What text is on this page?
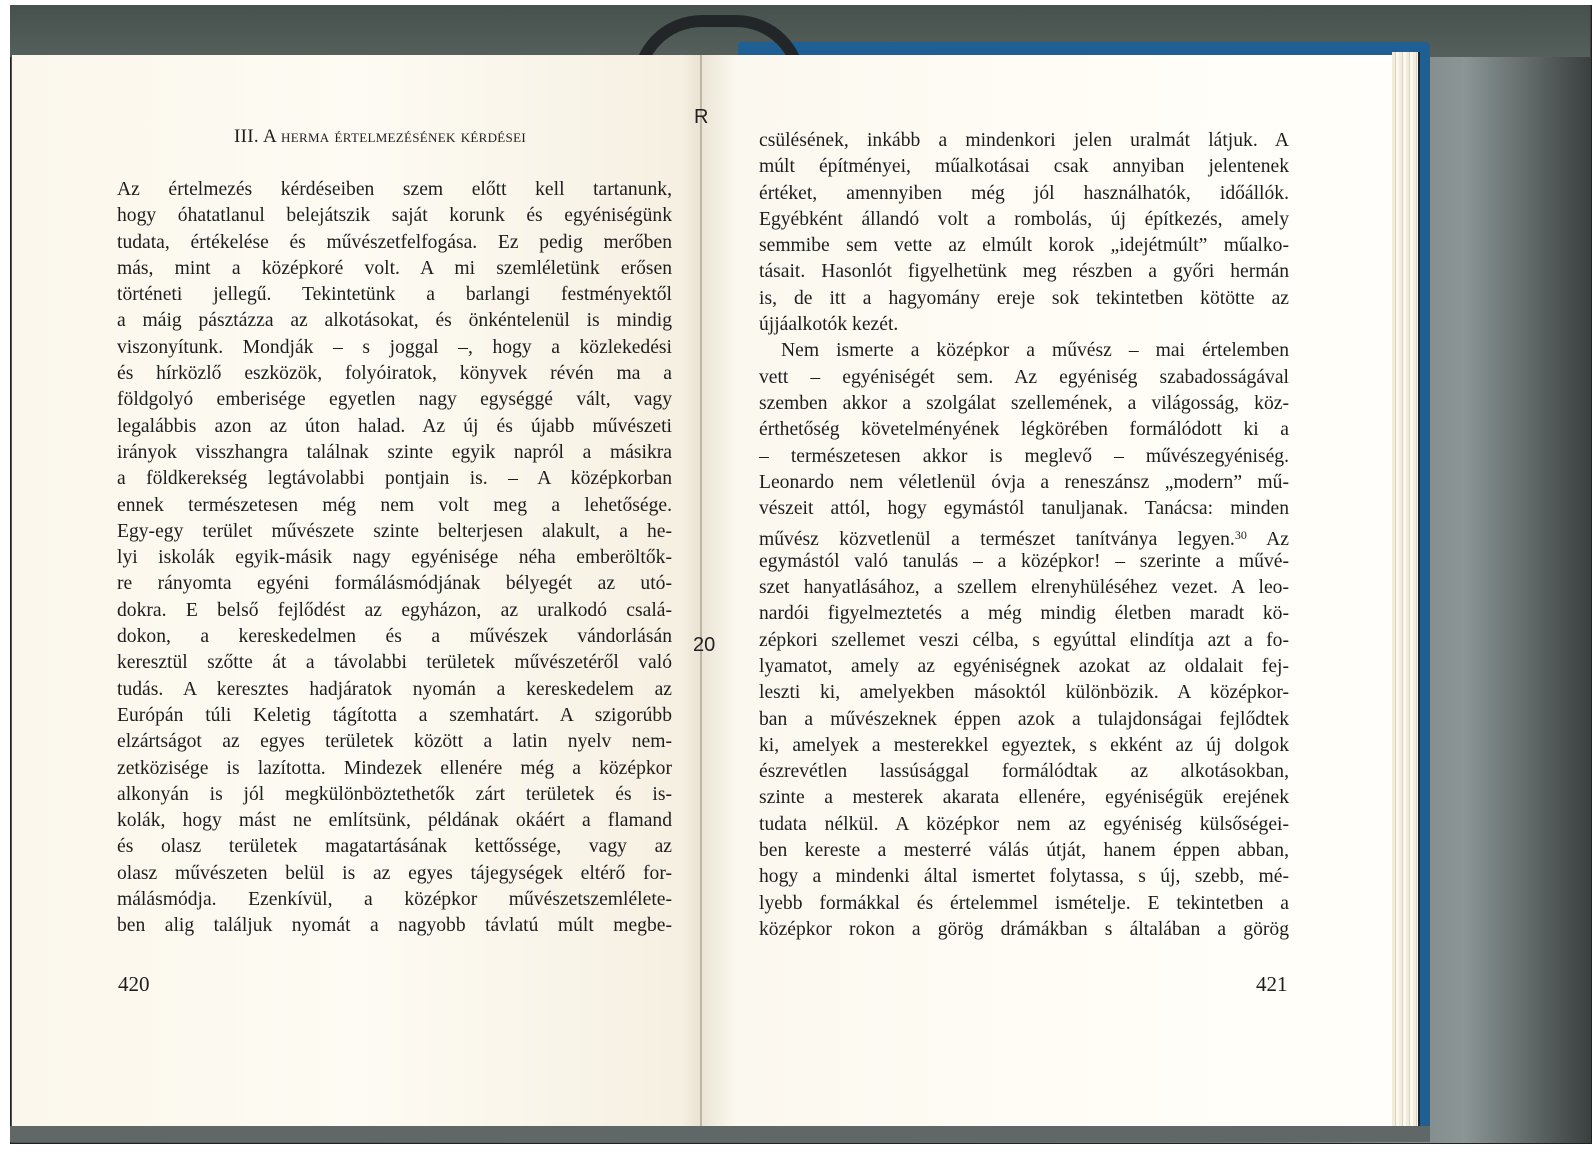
R
20
III. A herma értelmezésének kérdései
Az értelmezés kérdéseiben szem előtt kell tartanunk,
hogy óhatatlanul belejátszik saját korunk és egyéniségünk
tudata, értékelése és művészetfelfogása. Ez pedig merőben
más, mint a középkoré volt. A mi szemléletünk erősen
történeti jellegű. Tekintetünk a barlangi festményektől
a máig pásztázza az alkotásokat, és önkéntelenül is mindig
viszonyítunk. Mondják – s joggal –, hogy a közlekedési
és hírközlő eszközök, folyóiratok, könyvek révén ma a
földgolyó emberisége egyetlen nagy egységgé vált, vagy
legalábbis azon az úton halad. Az új és újabb művészeti
irányok visszhangra találnak szinte egyik napról a másikra
a földkerekség legtávolabbi pontjain is. – A középkorban
ennek természetesen még nem volt meg a lehetősége.
Egy-egy terület művészete szinte belterjesen alakult, a he-
lyi iskolák egyik-másik nagy egyénisége néha emberöltők-
re rányomta egyéni formálásmódjának bélyegét az utó-
dokra. E belső fejlődést az egyházon, az uralkodó csalá-
dokon, a kereskedelmen és a művészek vándorlásán
keresztül szőtte át a távolabbi területek művészetéről való
tudás. A keresztes hadjáratok nyomán a kereskedelem az
Európán túli Keletig tágította a szemhatárt. A szigorúbb
elzártságot az egyes területek között a latin nyelv nem-
zetközisége is lazította. Mindezek ellenére még a középkor
alkonyán is jól megkülönböztethetők zárt területek és is-
kolák, hogy mást ne említsünk, példának okáért a flamand
és olasz területek magatartásának kettőssége, vagy az
olasz művészeten belül is az egyes tájegységek eltérő for-
málásmódja. Ezenkívül, a középkor művészetszemlélete-
ben alig találjuk nyomát a nagyobb távlatú múlt megbe-
csülésének, inkább a mindenkori jelen uralmát látjuk. A
múlt építményei, műalkotásai csak annyiban jelentenek
értéket, amennyiben még jól használhatók, időállók.
Egyébként állandó volt a rombolás, új építkezés, amely
semmibe sem vette az elmúlt korok „idejétmúlt” műalko-
tásait. Hasonlót figyelhetünk meg részben a győri hermán
is, de itt a hagyomány ereje sok tekintetben kötötte az
újjáalkotók kezét.
Nem ismerte a középkor a művész – mai értelemben
vett – egyéniségét sem. Az egyéniség szabadosságával
szemben akkor a szolgálat szellemének, a világosság, köz-
érthetőség követelményének légkörében formálódott ki a
– természetesen akkor is meglevő – művészegyéniség.
Leonardo nem véletlenül óvja a reneszánsz „modern” mű-
vészeit attól, hogy egymástól tanuljanak. Tanácsa: minden
művész közvetlenül a természet tanítványa legyen.$^{30}$ Az
egymástól való tanulás – a középkor! – szerinte a művé-
szet hanyatlásához, a szellem elrenyhüléséhez vezet. A leo-
nardói figyelmeztetés a még mindig életben maradt kö-
zépkori szellemet veszi célba, s egyúttal elindítja azt a fo-
lyamatot, amely az egyéniségnek azokat az oldalait fej-
leszti ki, amelyekben másoktól különbözik. A középkor-
ban a művészeknek éppen azok a tulajdonságai fejlődtek
ki, amelyek a mesterekkel egyeztek, s ekként az új dolgok
észrevétlen lassúsággal formálódtak az alkotásokban,
szinte a mesterek akarata ellenére, egyéniségük erejének
tudata nélkül. A középkor nem az egyéniség külsőségei-
ben kereste a mesterré válás útját, hanem éppen abban,
hogy a mindenki által ismertet folytassa, s új, szebb, mé-
lyebb formákkal és értelemmel ismételje. E tekintetben a
középkor rokon a görög drámákban s általában a görög
420	421
